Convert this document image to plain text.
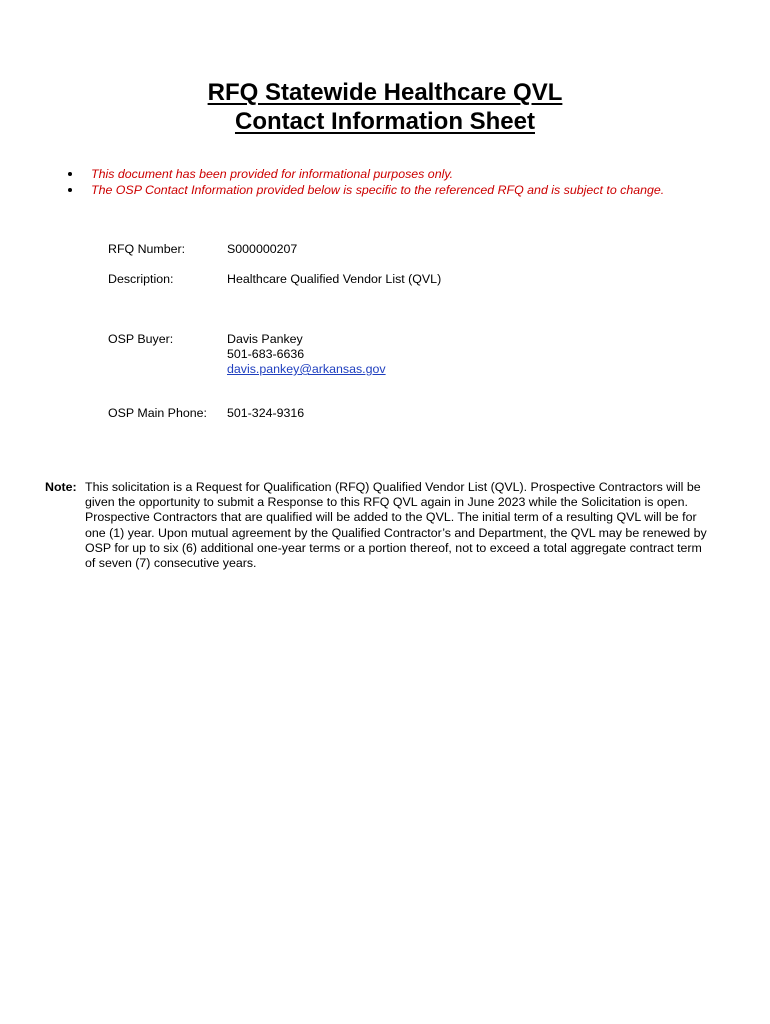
RFQ Statewide Healthcare QVL
Contact Information Sheet
This document has been provided for informational purposes only.
The OSP Contact Information provided below is specific to the referenced RFQ and is subject to change.
RFQ Number:	S000000207
Description:	Healthcare Qualified Vendor List (QVL)
OSP Buyer:	Davis Pankey
501-683-6636
davis.pankey@arkansas.gov
OSP Main Phone: 501-324-9316
Note: This solicitation is a Request for Qualification (RFQ) Qualified Vendor List (QVL). Prospective Contractors will be
given the opportunity to submit a Response to this RFQ QVL again in June 2023 while the Solicitation is open.
Prospective Contractors that are qualified will be added to the QVL. The initial term of a resulting QVL will be for
one (1) year. Upon mutual agreement by the Qualified Contractor’s and Department, the QVL may be renewed by
OSP for up to six (6) additional one-year terms or a portion thereof, not to exceed a total aggregate contract term
of seven (7) consecutive years.
